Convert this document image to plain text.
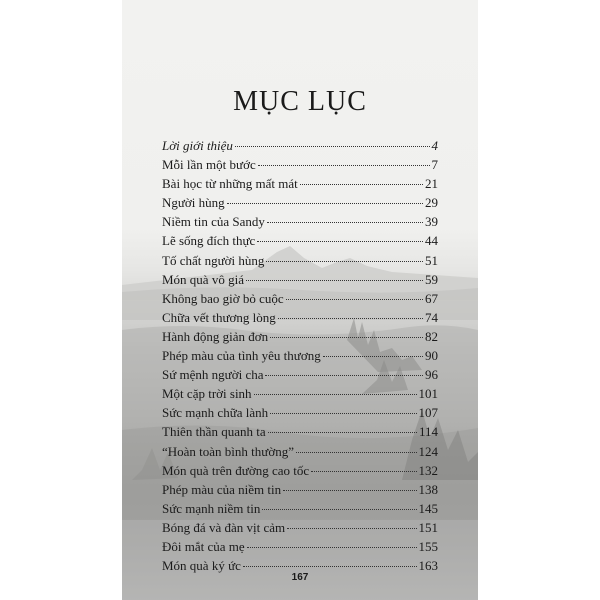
MỤC LỤC
Lời giới thiệu	4
Mỗi lần một bước	7
Bài học từ những mất mát	21
Người hùng	29
Niềm tin của Sandy	39
Lẽ sống đích thực	44
Tố chất người hùng	51
Món quà vô giá	59
Không bao giờ bỏ cuộc	67
Chữa vết thương lòng	74
Hành động giản đơn	82
Phép màu của tình yêu thương	90
Sứ mệnh người cha	96
Một cặp trời sinh	101
Sức mạnh chữa lành	107
Thiên thần quanh ta	114
“Hoàn toàn bình thường”	124
Món quà trên đường cao tốc	132
Phép màu của niềm tin	138
Sức mạnh niềm tin	145
Bóng đá và đàn vịt cảm	151
Đôi mắt của mẹ	155
Món quà ký ức	163
167
